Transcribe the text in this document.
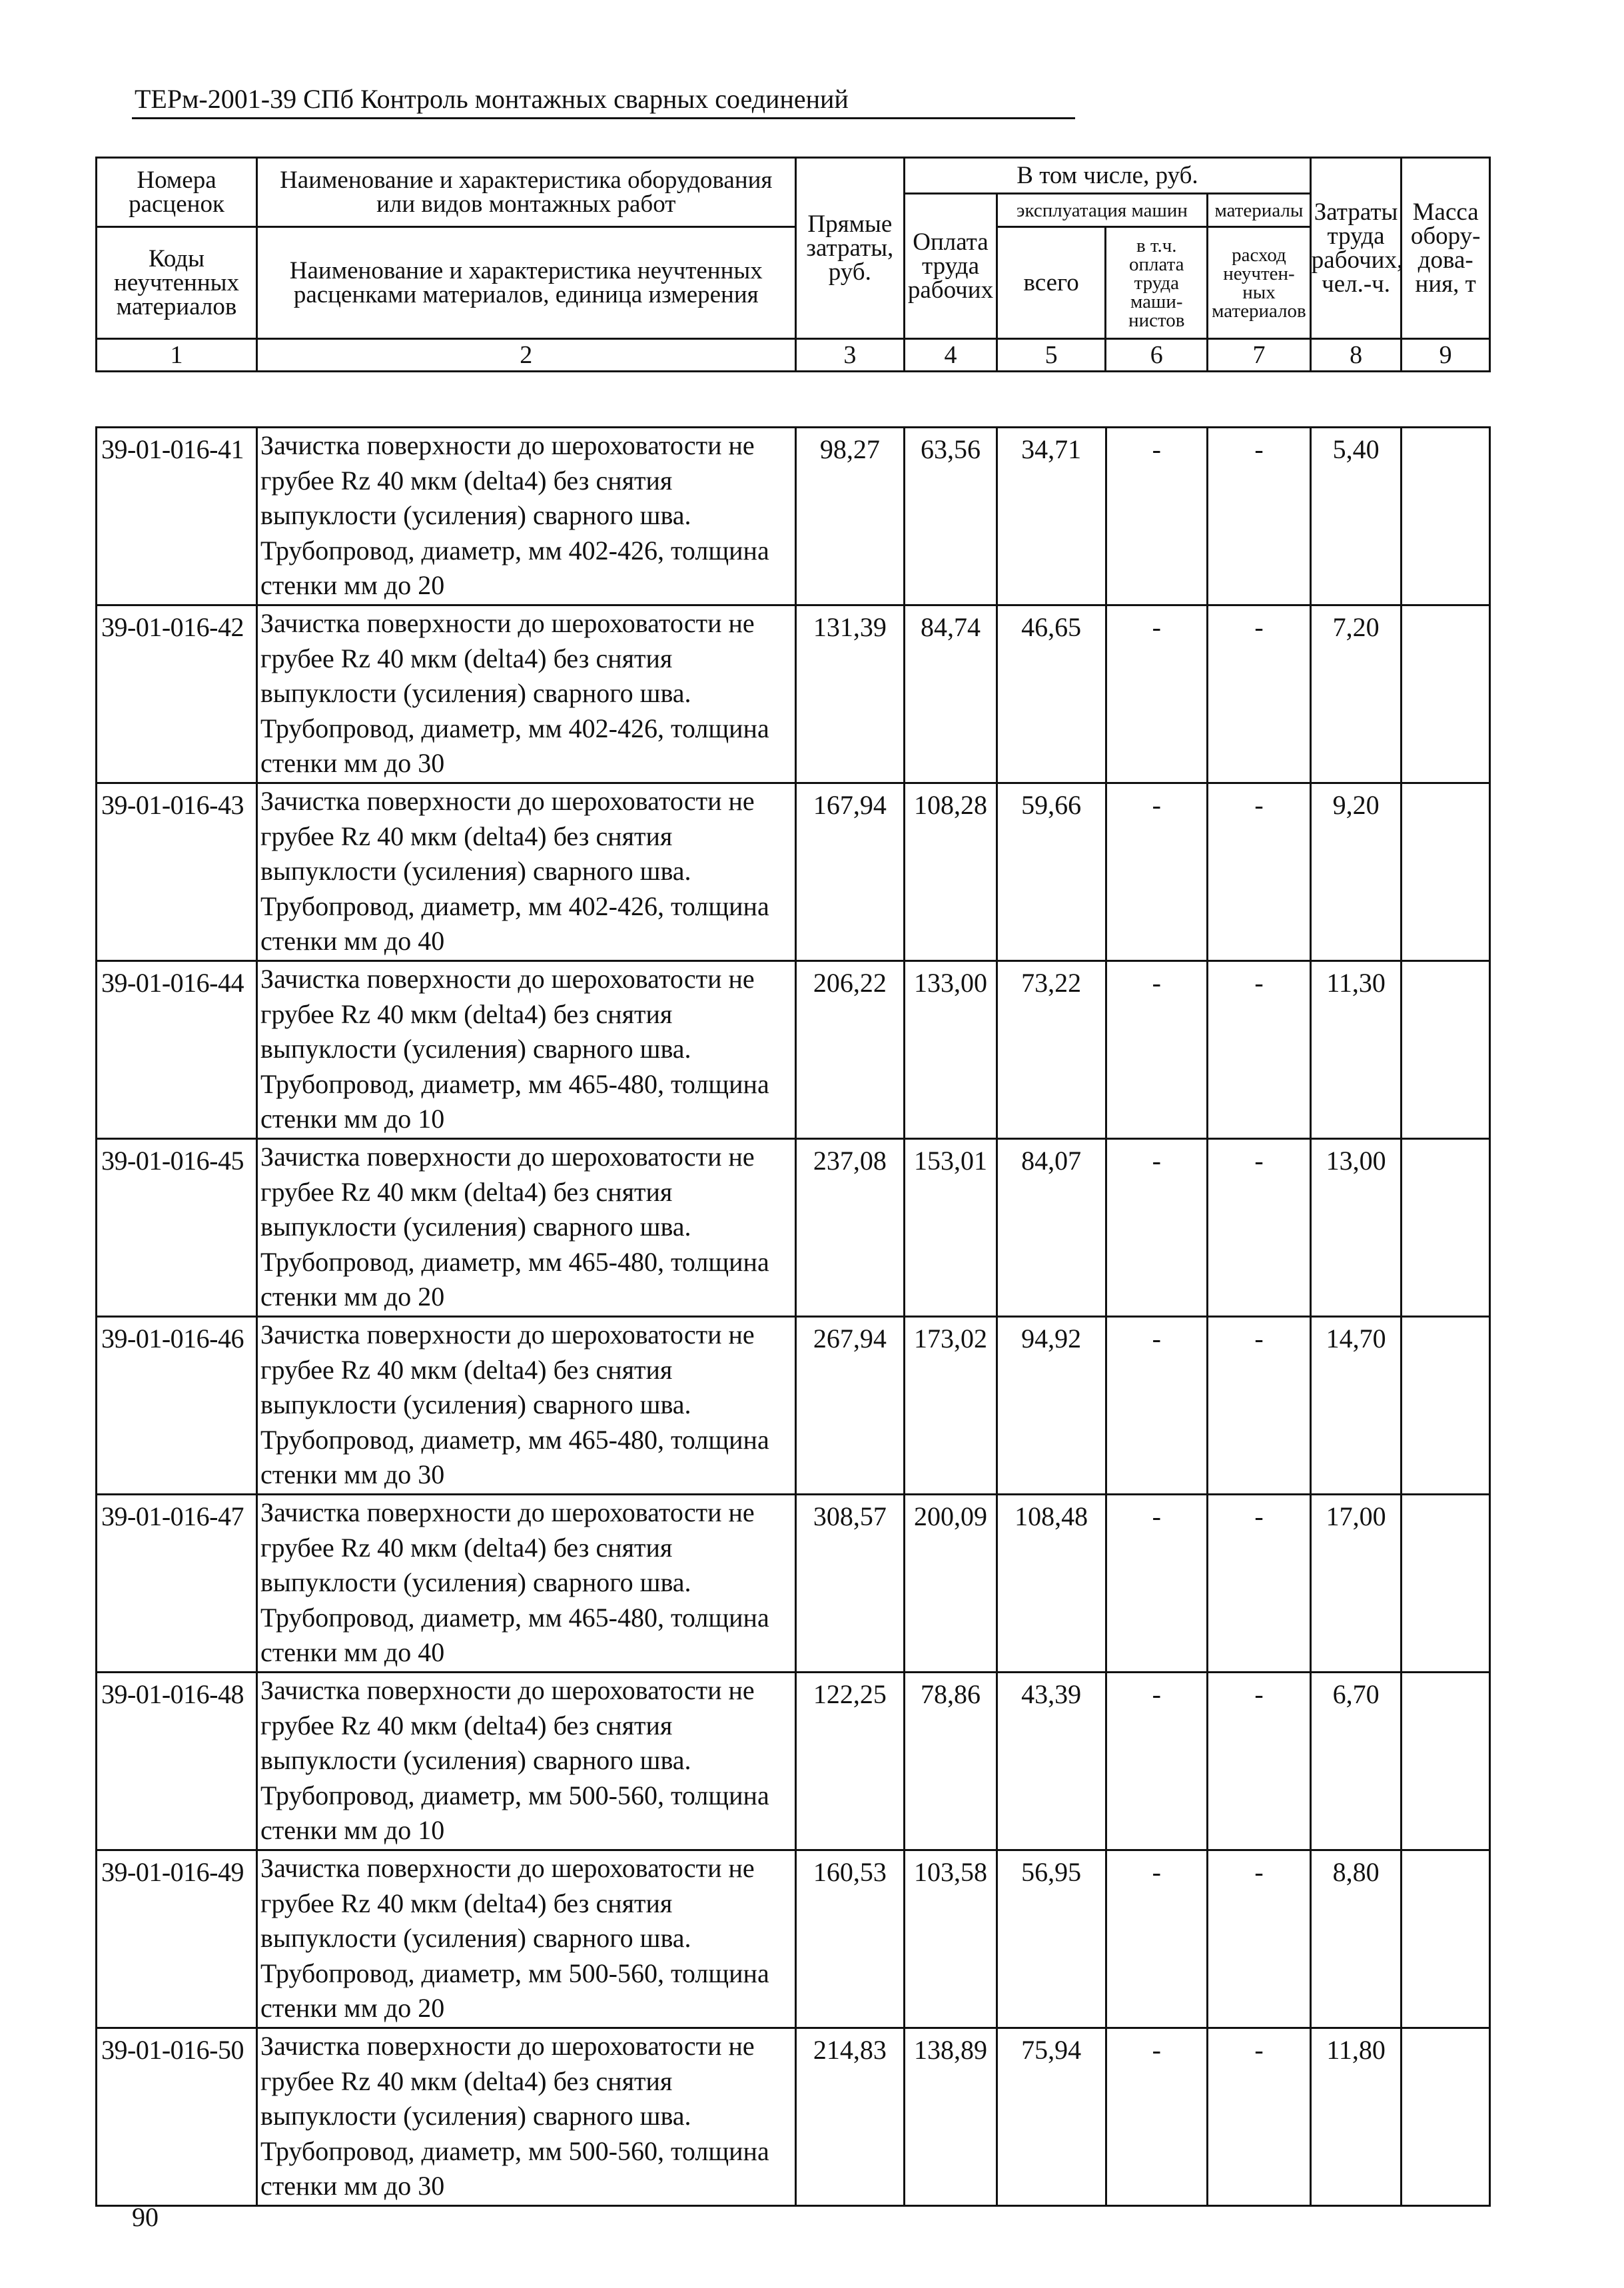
ТЕРм-2001-39 СПб Контроль монтажных сварных соединений
Номера расценок	Наименование и характеристика оборудования или видов монтажных работ	Прямые затраты, руб.	В том числе, руб.				Затраты труда рабочих, чел.-ч.	Масса обору-дова-ния, т
			Оплата труда рабочих	эксплуатация машин		материалы		
Коды неучтенных материалов	Наименование и характеристика неучтенных расценками материалов, единица измерения			всего	в т.ч. оплата труда маши-нистов	расход неучтен-ных материалов		
1	2	3	4	5	6	7	8	9
39-01-016-41	Зачистка поверхности до шероховатости не грубее Rz 40 мкм (delta4) без снятия выпуклости (усиления) сварного шва. Трубопровод, диаметр, мм 402-426, толщина стенки мм до 20	98,27	63,56	34,71	-	-	5,40	
39-01-016-42	Зачистка поверхности до шероховатости не грубее Rz 40 мкм (delta4) без снятия выпуклости (усиления) сварного шва. Трубопровод, диаметр, мм 402-426, толщина стенки мм до 30	131,39	84,74	46,65	-	-	7,20	
39-01-016-43	Зачистка поверхности до шероховатости не грубее Rz 40 мкм (delta4) без снятия выпуклости (усиления) сварного шва. Трубопровод, диаметр, мм 402-426, толщина стенки мм до 40	167,94	108,28	59,66	-	-	9,20	
39-01-016-44	Зачистка поверхности до шероховатости не грубее Rz 40 мкм (delta4) без снятия выпуклости (усиления) сварного шва. Трубопровод, диаметр, мм 465-480, толщина стенки мм до 10	206,22	133,00	73,22	-	-	11,30	
39-01-016-45	Зачистка поверхности до шероховатости не грубее Rz 40 мкм (delta4) без снятия выпуклости (усиления) сварного шва. Трубопровод, диаметр, мм 465-480, толщина стенки мм до 20	237,08	153,01	84,07	-	-	13,00	
39-01-016-46	Зачистка поверхности до шероховатости не грубее Rz 40 мкм (delta4) без снятия выпуклости (усиления) сварного шва. Трубопровод, диаметр, мм 465-480, толщина стенки мм до 30	267,94	173,02	94,92	-	-	14,70	
39-01-016-47	Зачистка поверхности до шероховатости не грубее Rz 40 мкм (delta4) без снятия выпуклости (усиления) сварного шва. Трубопровод, диаметр, мм 465-480, толщина стенки мм до 40	308,57	200,09	108,48	-	-	17,00	
39-01-016-48	Зачистка поверхности до шероховатости не грубее Rz 40 мкм (delta4) без снятия выпуклости (усиления) сварного шва. Трубопровод, диаметр, мм 500-560, толщина стенки мм до 10	122,25	78,86	43,39	-	-	6,70	
39-01-016-49	Зачистка поверхности до шероховатости не грубее Rz 40 мкм (delta4) без снятия выпуклости (усиления) сварного шва. Трубопровод, диаметр, мм 500-560, толщина стенки мм до 20	160,53	103,58	56,95	-	-	8,80	
39-01-016-50	Зачистка поверхности до шероховатости не грубее Rz 40 мкм (delta4) без снятия выпуклости (усиления) сварного шва. Трубопровод, диаметр, мм 500-560, толщина стенки мм до 30	214,83	138,89	75,94	-	-	11,80	
90
